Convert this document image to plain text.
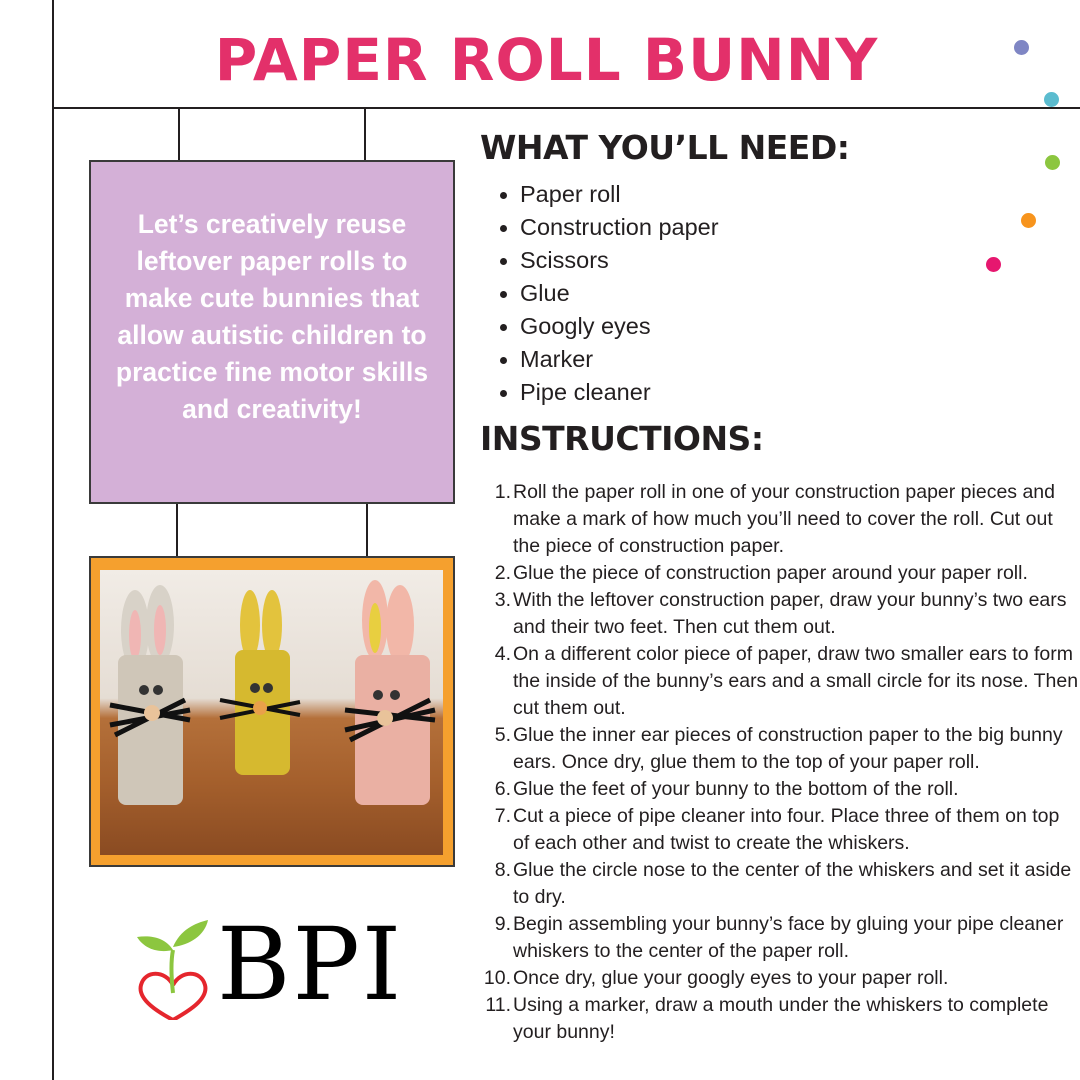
PAPER ROLL BUNNY

Let’s creatively reuse leftover paper rolls to make cute bunnies that allow autistic children to practice fine motor skills and creativity!

BPI
WHAT YOU’LL NEED:
Paper roll
Construction paper
Scissors
Glue
Googly eyes
Marker
Pipe cleaner
INSTRUCTIONS:
1. Roll the paper roll in one of your construction paper pieces and make a mark of how much you’ll need to cover the roll. Cut out the piece of construction paper.
2. Glue the piece of construction paper around your paper roll.
3. With the leftover construction paper, draw your bunny’s two ears and their two feet. Then cut them out.
4. On a different color piece of paper, draw two smaller ears to form the inside of the bunny’s ears and a small circle for its nose. Then cut them out.
5. Glue the inner ear pieces of construction paper to the big bunny ears. Once dry, glue them to the top of your paper roll.
6. Glue the feet of your bunny to the bottom of the roll.
7. Cut a piece of pipe cleaner into four. Place three of them on top of each other and twist to create the whiskers.
8. Glue the circle nose to the center of the whiskers and set it aside to dry.
9. Begin assembling your bunny’s face by gluing your pipe cleaner whiskers to the center of the paper roll.
10. Once dry, glue your googly eyes to your paper roll.
11. Using a marker, draw a mouth under the whiskers to complete your bunny!
